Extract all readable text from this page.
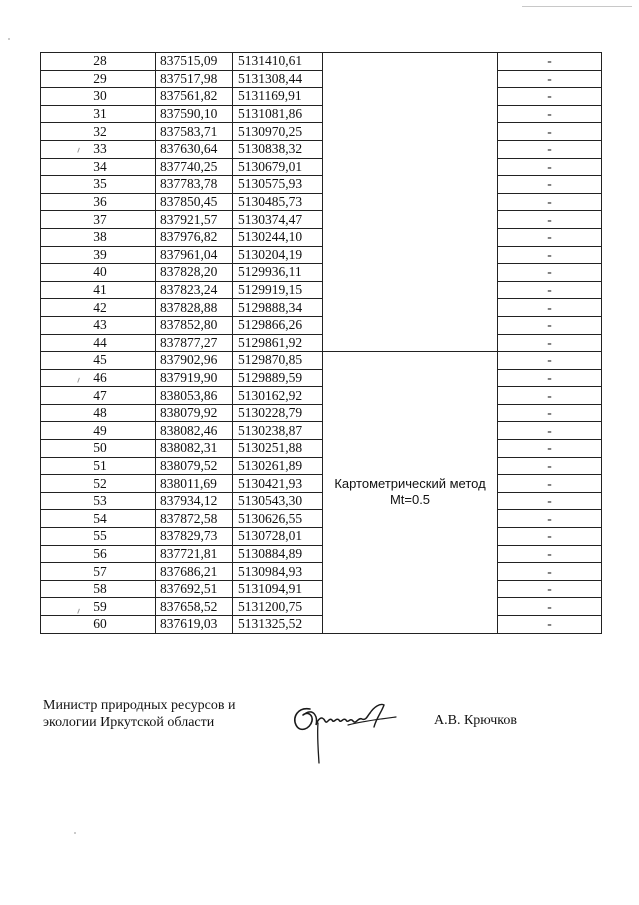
28	837515,09	5131410,61		-
29	837517,98	5131308,44		-
30	837561,82	5131169,91		-
31	837590,10	5131081,86		-
32	837583,71	5130970,25		-
33	837630,64	5130838,32		-
34	837740,25	5130679,01		-
35	837783,78	5130575,93		-
36	837850,45	5130485,73		-
37	837921,57	5130374,47		-
38	837976,82	5130244,10		-
39	837961,04	5130204,19		-
40	837828,20	5129936,11		-
41	837823,24	5129919,15		-
42	837828,88	5129888,34		-
43	837852,80	5129866,26		-
44	837877,27	5129861,92		-
45	837902,96	5129870,85	Картометрический метод
Mt=0.5	-
46	837919,90	5129889,59		-
47	838053,86	5130162,92		-
48	838079,92	5130228,79		-
49	838082,46	5130238,87		-
50	838082,31	5130251,88		-
51	838079,52	5130261,89		-
52	838011,69	5130421,93		-
53	837934,12	5130543,30		-
54	837872,58	5130626,55		-
55	837829,73	5130728,01		-
56	837721,81	5130884,89		-
57	837686,21	5130984,93		-
58	837692,51	5131094,91		-
59	837658,52	5131200,75		-
60	837619,03	5131325,52		-
Министр природных ресурсов и
экологии Иркутской области	А.В. Крючков
